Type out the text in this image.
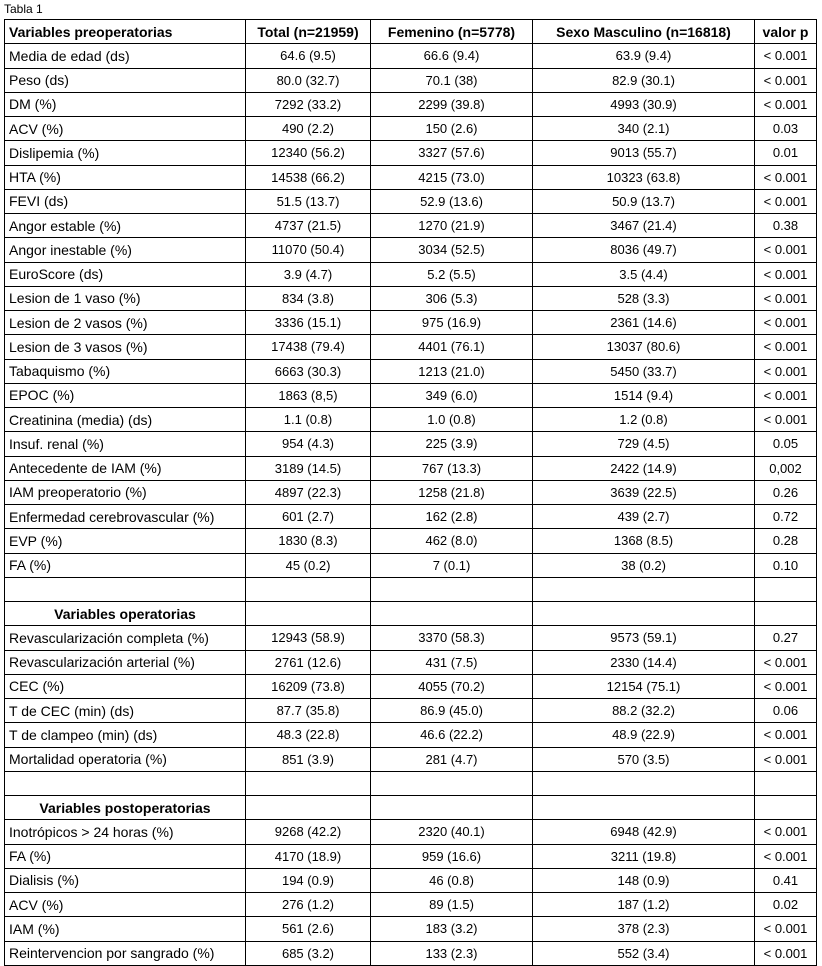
Tabla 1
Variables preoperatorias	Total (n=21959)	Femenino (n=5778)	Sexo Masculino (n=16818)	valor p
Media de edad (ds)	64.6 (9.5)	66.6 (9.4)	63.9 (9.4)	< 0.001
Peso (ds)	80.0 (32.7)	70.1 (38)	82.9 (30.1)	< 0.001
DM (%)	7292 (33.2)	2299 (39.8)	4993 (30.9)	< 0.001
ACV (%)	490 (2.2)	150 (2.6)	340 (2.1)	0.03
Dislipemia (%)	12340 (56.2)	3327 (57.6)	9013 (55.7)	0.01
HTA (%)	14538 (66.2)	4215 (73.0)	10323 (63.8)	< 0.001
FEVI (ds)	51.5 (13.7)	52.9 (13.6)	50.9 (13.7)	< 0.001
Angor estable (%)	4737 (21.5)	1270 (21.9)	3467 (21.4)	0.38
Angor inestable (%)	11070 (50.4)	3034 (52.5)	8036 (49.7)	< 0.001
EuroScore (ds)	3.9 (4.7)	5.2 (5.5)	3.5 (4.4)	< 0.001
Lesion de 1 vaso (%)	834 (3.8)	306 (5.3)	528 (3.3)	< 0.001
Lesion de 2 vasos (%)	3336 (15.1)	975 (16.9)	2361 (14.6)	< 0.001
Lesion de 3 vasos (%)	17438 (79.4)	4401 (76.1)	13037 (80.6)	< 0.001
Tabaquismo (%)	6663 (30.3)	1213 (21.0)	5450 (33.7)	< 0.001
EPOC (%)	1863 (8,5)	349 (6.0)	1514 (9.4)	< 0.001
Creatinina (media) (ds)	1.1 (0.8)	1.0 (0.8)	1.2 (0.8)	< 0.001
Insuf. renal (%)	954 (4.3)	225 (3.9)	729 (4.5)	0.05
Antecedente de IAM (%)	3189 (14.5)	767 (13.3)	2422 (14.9)	0,002
IAM preoperatorio (%)	4897 (22.3)	1258 (21.8)	3639 (22.5)	0.26
Enfermedad cerebrovascular (%)	601 (2.7)	162 (2.8)	439 (2.7)	0.72
EVP (%)	1830 (8.3)	462 (8.0)	1368 (8.5)	0.28
FA (%)	45 (0.2)	7 (0.1)	38 (0.2)	0.10

Variables operatorias				
Revascularización completa (%)	12943 (58.9)	3370 (58.3)	9573 (59.1)	0.27
Revascularización arterial (%)	2761 (12.6)	431 (7.5)	2330 (14.4)	< 0.001
CEC (%)	16209 (73.8)	4055 (70.2)	12154 (75.1)	< 0.001
T de CEC (min) (ds)	87.7 (35.8)	86.9 (45.0)	88.2 (32.2)	0.06
T de clampeo (min) (ds)	48.3 (22.8)	46.6 (22.2)	48.9 (22.9)	< 0.001
Mortalidad operatoria (%)	851 (3.9)	281 (4.7)	570 (3.5)	< 0.001

Variables postoperatorias				
Inotrópicos > 24 horas (%)	9268 (42.2)	2320 (40.1)	6948 (42.9)	< 0.001
FA (%)	4170 (18.9)	959 (16.6)	3211 (19.8)	< 0.001
Dialisis (%)	194 (0.9)	46 (0.8)	148 (0.9)	0.41
ACV (%)	276 (1.2)	89 (1.5)	187 (1.2)	0.02
IAM (%)	561 (2.6)	183 (3.2)	378 (2.3)	< 0.001
Reintervencion por sangrado (%)	685 (3.2)	133 (2.3)	552 (3.4)	< 0.001
